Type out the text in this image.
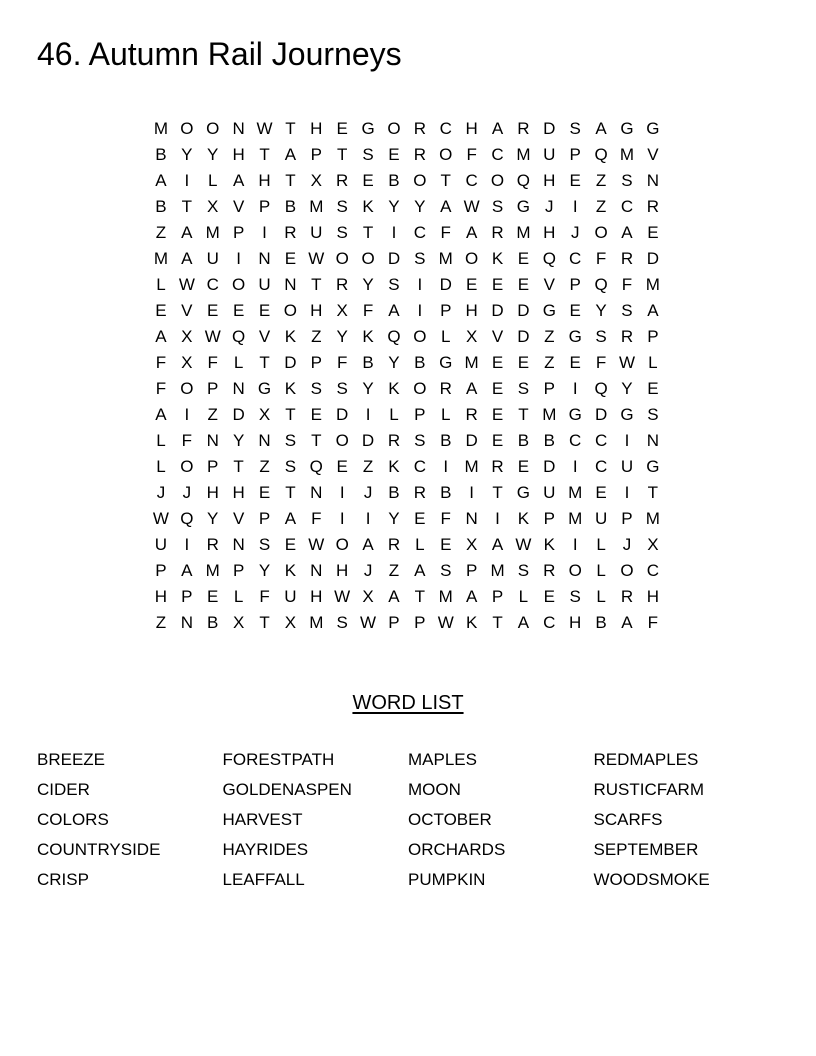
46. Autumn Rail Journeys
M O O N W T H E G O R C H A R D S A G G
B Y Y H T A P T S E R O F C M U P Q M V
A	I	L A H T X R E B O T C O Q H E Z S N
B T X V P B M S K Y Y A W S G J	I	Z C R
Z A M P	I	R U S T	I	C F A R M H J O A E
M A U	I	N E W O O D S M O K E Q C F R D
L W C O U N T R Y S	I	D E E E V P Q F M
E V E E E O H X F A	I	P H D D G E Y S A
A X W Q V K Z Y K Q O L X V D Z G S R P
F X F L T D P F B Y B G M E E Z E F W L
F O P N G K S S Y K O R A E S P	I Q Y E
A	I	Z D X T E D	I	L P L R E T M G D G S
L F N Y N S T O D R S B D E B B C C	I	N
L O P T Z S Q E Z K C	I M R E D	I	C U G
J	J H H E T N	I	J B R B	I	T G U M E	I	T
W Q Y V P A F	I	I	Y E F N	I	K P M U P M
U	I	R N S E W O A R L E X A W K	I	L J X
P A M P Y K N H J Z A S P M S R O L O C
H P E L F U H W X A T M A P L E S L R H
Z N B X T X M S W P P W K T A C H B A F
WORD LIST
BREEZE	FORESTPATH	MAPLES	REDMAPLES
CIDER	GOLDENASPEN	MOON	RUSTICFARM
COLORS	HARVEST	OCTOBER	SCARFS
COUNTRYSIDE	HAYRIDES	ORCHARDS	SEPTEMBER
CRISP	LEAFFALL	PUMPKIN	WOODSMOKE
